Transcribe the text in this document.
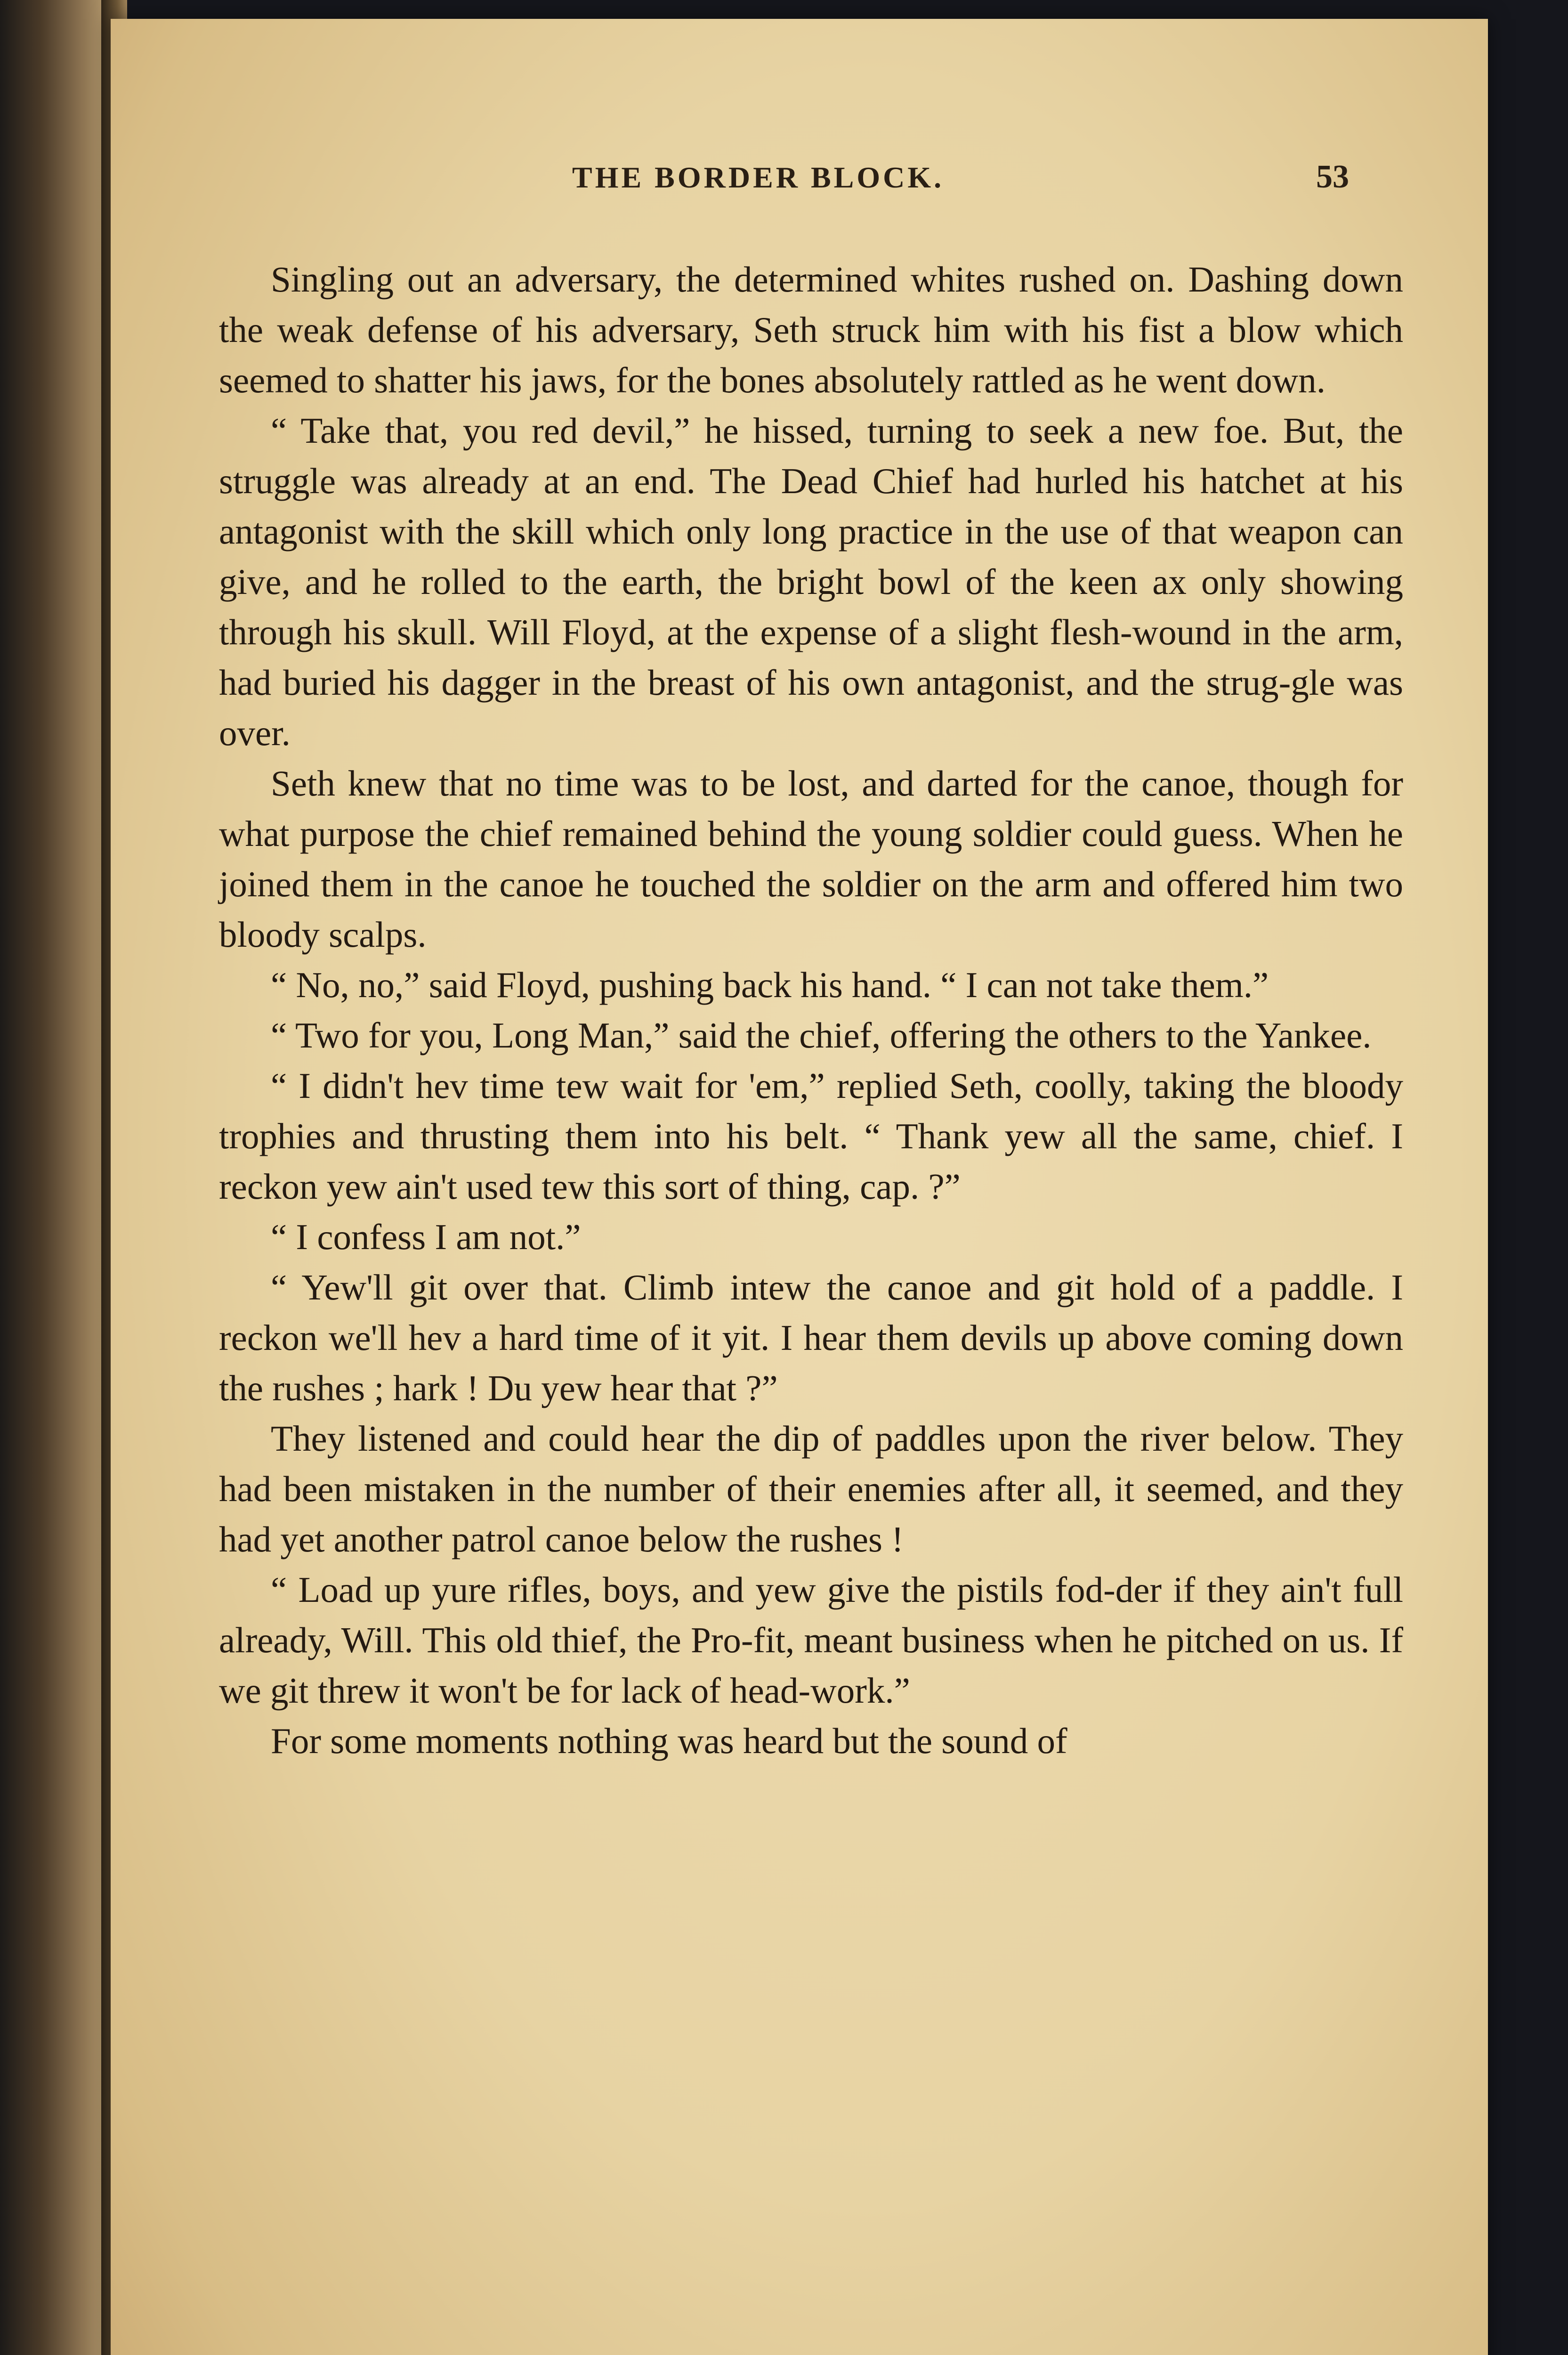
THE BORDER BLOCK.	53

Singling out an adversary, the determined whites rushed on. Dashing down the weak defense of his adversary, Seth struck him with his fist a blow which seemed to shatter his jaws, for the bones absolutely rattled as he went down.

“ Take that, you red devil,” he hissed, turning to seek a new foe. But, the struggle was already at an end. The Dead Chief had hurled his hatchet at his antagonist with the skill which only long practice in the use of that weapon can give, and he rolled to the earth, the bright bowl of the keen ax only showing through his skull. Will Floyd, at the expense of a slight flesh-wound in the arm, had buried his dagger in the breast of his own antagonist, and the strug-gle was over.

Seth knew that no time was to be lost, and darted for the canoe, though for what purpose the chief remained behind the young soldier could guess. When he joined them in the canoe he touched the soldier on the arm and offered him two bloody scalps.

“ No, no,” said Floyd, pushing back his hand. “ I can not take them.”

“ Two for you, Long Man,” said the chief, offering the others to the Yankee.

“ I didn't hev time tew wait for 'em,” replied Seth, coolly, taking the bloody trophies and thrusting them into his belt. “ Thank yew all the same, chief. I reckon yew ain't used tew this sort of thing, cap. ?”

“ I confess I am not.”

“ Yew'll git over that. Climb intew the canoe and git hold of a paddle. I reckon we'll hev a hard time of it yit. I hear them devils up above coming down the rushes ; hark ! Du yew hear that ?”

They listened and could hear the dip of paddles upon the river below. They had been mistaken in the number of their enemies after all, it seemed, and they had yet another patrol canoe below the rushes !

“ Load up yure rifles, boys, and yew give the pistils fod-der if they ain't full already, Will. This old thief, the Pro-fit, meant business when he pitched on us. If we git threw it won't be for lack of head-work.”

For some moments nothing was heard but the sound of
